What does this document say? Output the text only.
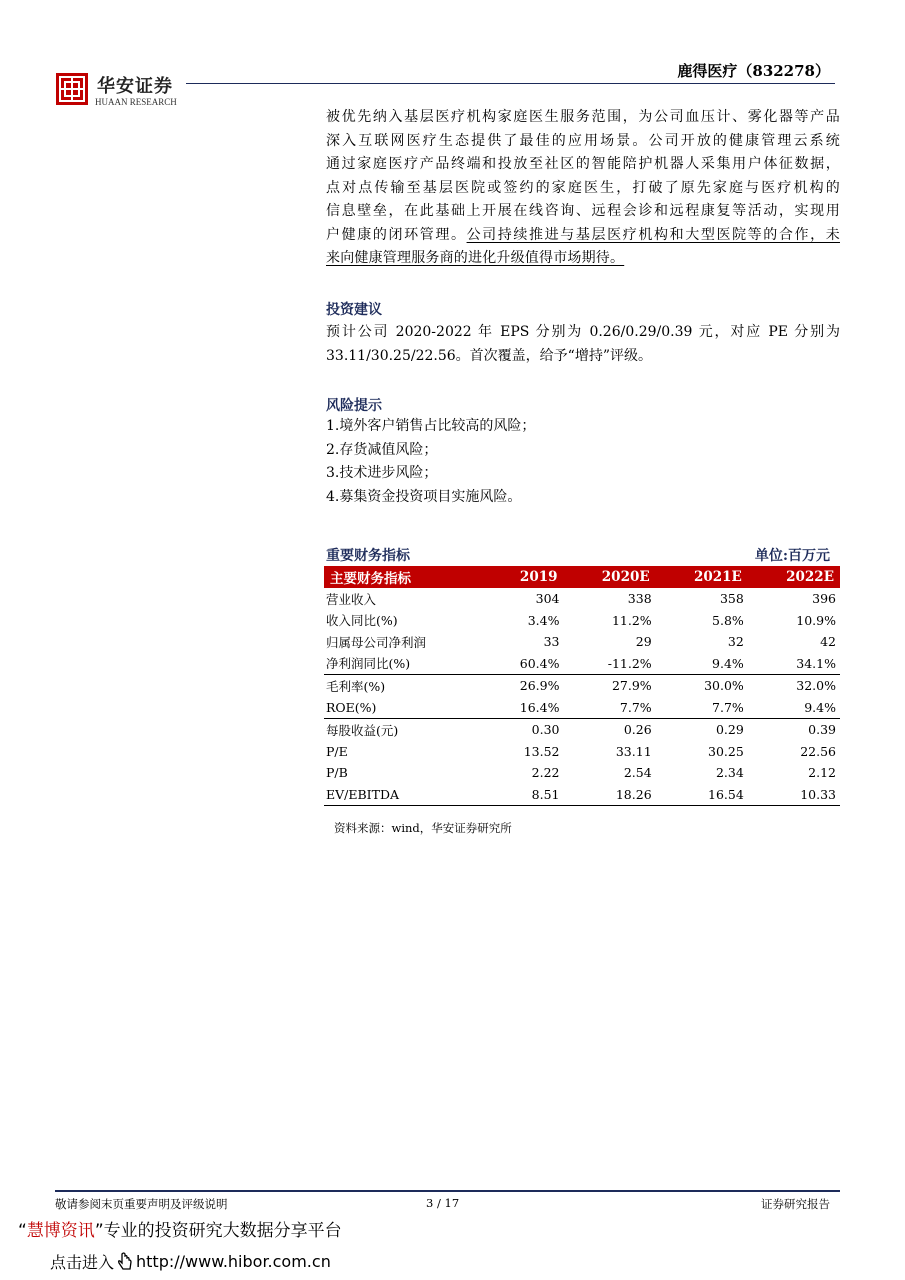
华安证券
HUAAN RESEARCH
鹿得医疗（832278）

被优先纳入基层医疗机构家庭医生服务范围，为公司血压计、雾化器等产品

深入互联网医疗生态提供了最佳的应用场景。公司开放的健康管理云系统

通过家庭医疗产品终端和投放至社区的智能陪护机器人采集用户体征数据，

点对点传输至基层医院或签约的家庭医生，打破了原先家庭与医疗机构的

信息壁垒，在此基础上开展在线咨询、远程会诊和远程康复等活动，实现用

户健康的闭环管理。公司持续推进与基层医疗机构和大型医院等的合作，未

来向健康管理服务商的进化升级值得市场期待。

投资建议

预计公司 2020-2022 年 EPS 分别为 0.26/0.29/0.39 元，对应 PE 分别为

33.11/30.25/22.56。首次覆盖，给予“增持”评级。

风险提示
1.境外客户销售占比较高的风险；
2.存货减值风险；
3.技术进步风险；
4.募集资金投资项目实施风险。
重要财务指标	单位:百万元
主要财务指标	2019	2020E	2021E	2022E
营业收入	304	338	358	396
收入同比(%)	3.4%	11.2%	5.8%	10.9%
归属母公司净利润	33	29	32	42
净利润同比(%)	60.4%	-11.2%	9.4%	34.1%
毛利率(%)	26.9%	27.9%	30.0%	32.0%
ROE(%)	16.4%	7.7%	7.7%	9.4%
每股收益(元)	0.30	0.26	0.29	0.39
P/E	13.52	33.11	30.25	22.56
P/B	2.22	2.54	2.34	2.12
EV/EBITDA	8.51	18.26	16.54	10.33
资料来源：wind，华安证券研究所
敬请参阅末页重要声明及评级说明	3 / 17	证券研究报告
“慧博资讯”专业的投资研究大数据分享平台
点击进入 http://www.hibor.com.cn
